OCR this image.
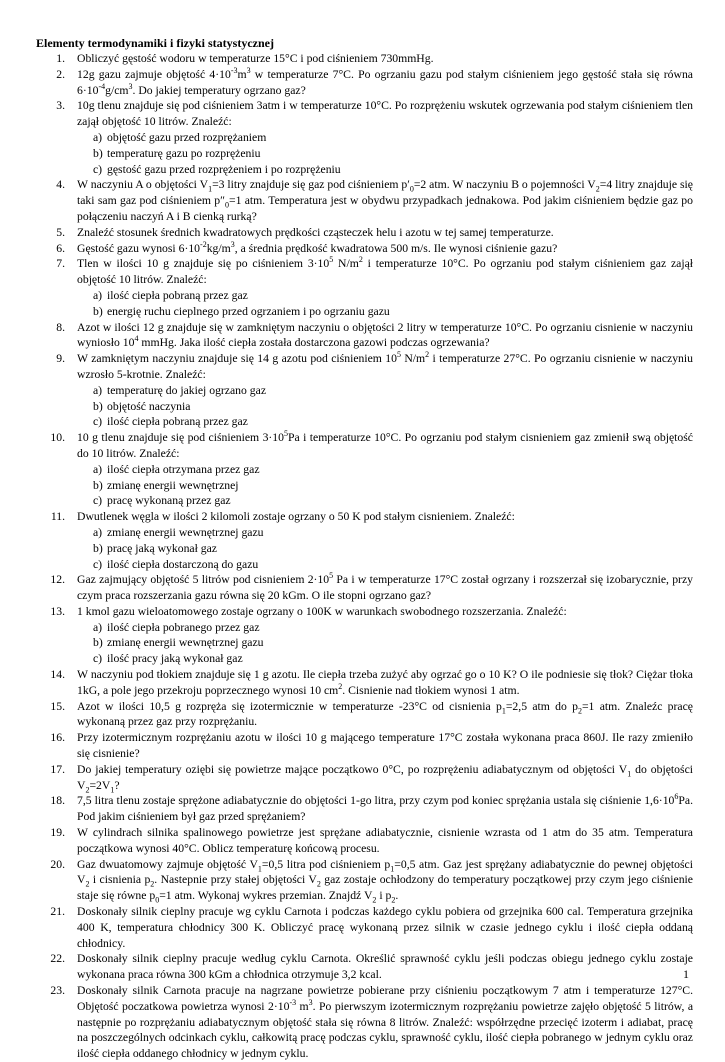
Elementy termodynamiki i fizyki statystycznej
1. Obliczyć gęstość wodoru w temperaturze 15°C i pod ciśnieniem 730mmHg.
2. 12g gazu zajmuje objętość $4\cdot 10^{-3}m^3$ w temperaturze 7°C. Po ogrzaniu gazu pod stałym ciśnieniem jego gęstość stała się równa $6\cdot 10^{-4}g/cm^3$. Do jakiej temperatury ogrzano gaz?
3. 10g tlenu znajduje się pod ciśnieniem 3atm i w temperaturze 10°C. Po rozprężeniu wskutek ogrzewania pod stałym ciśnieniem tlen zajął objętość 10 litrów. Znaleźć:
a) objętość gazu przed rozprężaniem
b) temperaturę gazu po rozprężeniu
c) gęstość gazu przed rozprężeniem i po rozprężeniu
4. W naczyniu A o objętości $V_1=3$ litry znajduje się gaz pod ciśnieniem $p'_0=2$ atm. W naczyniu B o pojemności $V_2=4$ litry znajduje się taki sam gaz pod ciśnieniem $p''_0=1$ atm. Temperatura jest w obydwu przypadkach jednakowa. Pod jakim ciśnieniem będzie gaz po połączeniu naczyń A i B cienką rurką?
5. Znaleźć stosunek średnich kwadratowych prędkości cząsteczek helu i azotu w tej samej temperaturze.
6. Gęstość gazu wynosi $6\cdot 10^{-2}kg/m^3$, a średnia prędkość kwadratowa 500 m/s. Ile wynosi ciśnienie gazu?
7. Tlen w ilości 10 g znajduje się po ciśnieniem $3\cdot 10^5$ $N/m^2$ i temperaturze 10°C. Po ogrzaniu pod stałym ciśnieniem gaz zajął objętość 10 litrów. Znaleźć:
a) ilość ciepła pobraną przez gaz
b) energię ruchu cieplnego przed ogrzaniem i po ogrzaniu gazu
8. Azot w ilości 12 g znajduje się w zamkniętym naczyniu o objętości 2 litry w temperaturze 10°C. Po ogrzaniu cisnienie w naczyniu wyniosło $10^4$ mmHg. Jaka ilość ciepła została dostarczona gazowi podczas ogrzewania?
9. W zamkniętym naczyniu znajduje się 14 g azotu pod ciśnieniem $10^5$ $N/m^2$ i temperaturze 27°C. Po ogrzaniu cisnienie w naczyniu wzrosło 5-krotnie. Znaleźć:
a) temperaturę do jakiej ogrzano gaz
b) objętość naczynia
c) ilość ciepła pobraną przez gaz
10. 10 g tlenu znajduje się pod ciśnieniem $3\cdot 10^5Pa$ i temperaturze 10°C. Po ogrzaniu pod stałym cisnieniem gaz zmienił swą objętość do 10 litrów. Znaleźć:
a) ilość ciepła otrzymana przez gaz
b) zmianę energii wewnętrznej
c) pracę wykonaną przez gaz
11. Dwutlenek węgla w ilości 2 kilomoli zostaje ogrzany o 50 K pod stałym cisnieniem. Znaleźć:
a) zmianę energii wewnętrznej gazu
b) pracę jaką wykonał gaz
c) ilość ciepła dostarczoną do gazu
12. Gaz zajmujący objętość 5 litrów pod cisnieniem $2\cdot 10^5$ Pa i w temperaturze 17°C został ogrzany i rozszerzał się izobarycznie, przy czym praca rozszerzania gazu równa się 20 kGm. O ile stopni ogrzano gaz?
13. 1 kmol gazu wieloatomowego zostaje ogrzany o 100K w warunkach swobodnego rozszerzania. Znaleźć:
a) ilość ciepła pobranego przez gaz
b) zmianę energii wewnętrznej gazu
c) ilość pracy jaką wykonał gaz
14. W naczyniu pod tłokiem znajduje się 1 g azotu. Ile ciepła trzeba zużyć aby ogrzać go o 10 K? O ile podniesie się tłok? Ciężar tłoka 1kG, a pole jego przekroju poprzecznego wynosi 10 $cm^2$. Cisnienie nad tłokiem wynosi 1 atm.
15. Azot w ilości 10,5 g rozpręża się izotermicznie w temperaturze -23°C od cisnienia $p_1=2,5$ atm do $p_2=1$ atm. Znaleźc pracę wykonaną przez gaz przy rozprężaniu.
16. Przy izotermicznym rozprężaniu azotu w ilości 10 g mającego temperature 17°C została wykonana praca 860J. Ile razy zmieniło się cisnienie?
17. Do jakiej temperatury oziębi się powietrze mające początkowo 0°C, po rozprężeniu adiabatycznym od objętości $V_1$ do objętości $V_2=2V_1$?
18. 7,5 litra tlenu zostaje sprężone adiabatycznie do objętości 1-go litra, przy czym pod koniec sprężania ustala się ciśnienie $1,6\cdot 10^6Pa$. Pod jakim ciśnieniem był gaz przed sprężaniem?
19. W cylindrach silnika spalinowego powietrze jest sprężane adiabatycznie, cisnienie wzrasta od 1 atm do 35 atm. Temperatura początkowa wynosi 40°C. Oblicz temperaturę końcową procesu.
20. Gaz dwuatomowy zajmuje objętość $V_1=0,5$ litra pod ciśnieniem $p_1=0,5$ atm. Gaz jest sprężany adiabatycznie do pewnej objętości $V_2$ i cisnienia $p_2$. Nastepnie przy stałej objętości $V_2$ gaz zostaje ochłodzony do temperatury początkowej przy czym jego ciśnienie staje się równe $p_0=1$ atm. Wykonaj wykres przemian. Znajdź $V_2$ i $p_2$.
21. Doskonały silnik cieplny pracuje wg cyklu Carnota i podczas każdego cyklu pobiera od grzejnika 600 cal. Temperatura grzejnika 400 K, temperatura chłodnicy 300 K. Obliczyć pracę wykonaną przez silnik w czasie jednego cyklu i ilość ciepła oddaną chłodnicy.
22. Doskonały silnik cieplny pracuje według cyklu Carnota. Określić sprawność cyklu jeśli podczas obiegu jednego cyklu zostaje wykonana praca równa 300 kGm a chłodnica otrzymuje 3,2 kcal.
23. Doskonały silnik Carnota pracuje na nagrzane powietrze pobierane przy ciśnieniu początkowym 7 atm i temperaturze 127°C. Objętość poczatkowa powietrza wynosi $2\cdot 10^{-3}$ $m^3$. Po pierwszym izotermicznym rozprężaniu powietrze zajęło objętość 5 litrów, a następnie po rozprężaniu adiabatycznym objętość stała się równa 8 litrów. Znaleźć: współrzędne przecięć izoterm i adiabat, pracę na poszczególnych odcinkach cyklu, całkowitą pracę podczas cyklu, sprawność cyklu, ilość ciepła pobranego w jednym cyklu oraz ilość ciepła oddanego chłodnicy w jednym cyklu.
1
